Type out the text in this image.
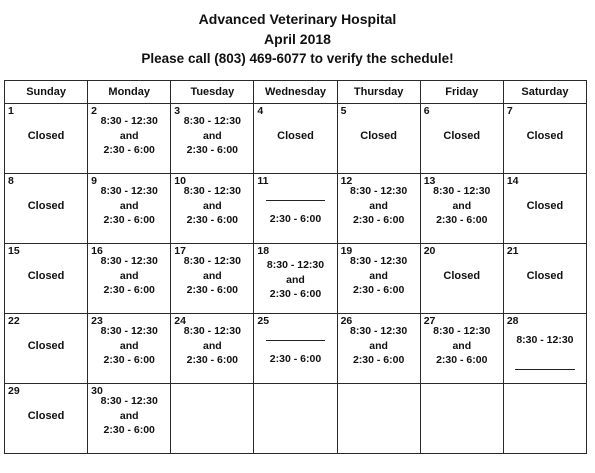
Advanced Veterinary Hospital
April 2018
Please call (803) 469-6077 to verify the schedule!
Sunday	Monday	Tuesday	Wednesday	Thursday	Friday	Saturday

1
Closed	2
8:30 - 12:30
and
2:30 - 6:00	3
8:30 - 12:30
and
2:30 - 6:00	4
Closed	5
Closed	6
Closed	7
Closed

8
Closed	9
8:30 - 12:30
and
2:30 - 6:00	10
8:30 - 12:30
and
2:30 - 6:00	11
2:30 - 6:00	12
8:30 - 12:30
and
2:30 - 6:00	13
8:30 - 12:30
and
2:30 - 6:00	14
Closed

15
Closed	16
8:30 - 12:30
and
2:30 - 6:00	17
8:30 - 12:30
and
2:30 - 6:00	18
8:30 - 12:30
and
2:30 - 6:00	19
8:30 - 12:30
and
2:30 - 6:00	20
Closed	21
Closed

22
Closed	23
8:30 - 12:30
and
2:30 - 6:00	24
8:30 - 12:30
and
2:30 - 6:00	25
2:30 - 6:00	26
8:30 - 12:30
and
2:30 - 6:00	27
8:30 - 12:30
and
2:30 - 6:00	28
8:30 - 12:30

29
Closed	30
8:30 - 12:30
and
2:30 - 6:00					
